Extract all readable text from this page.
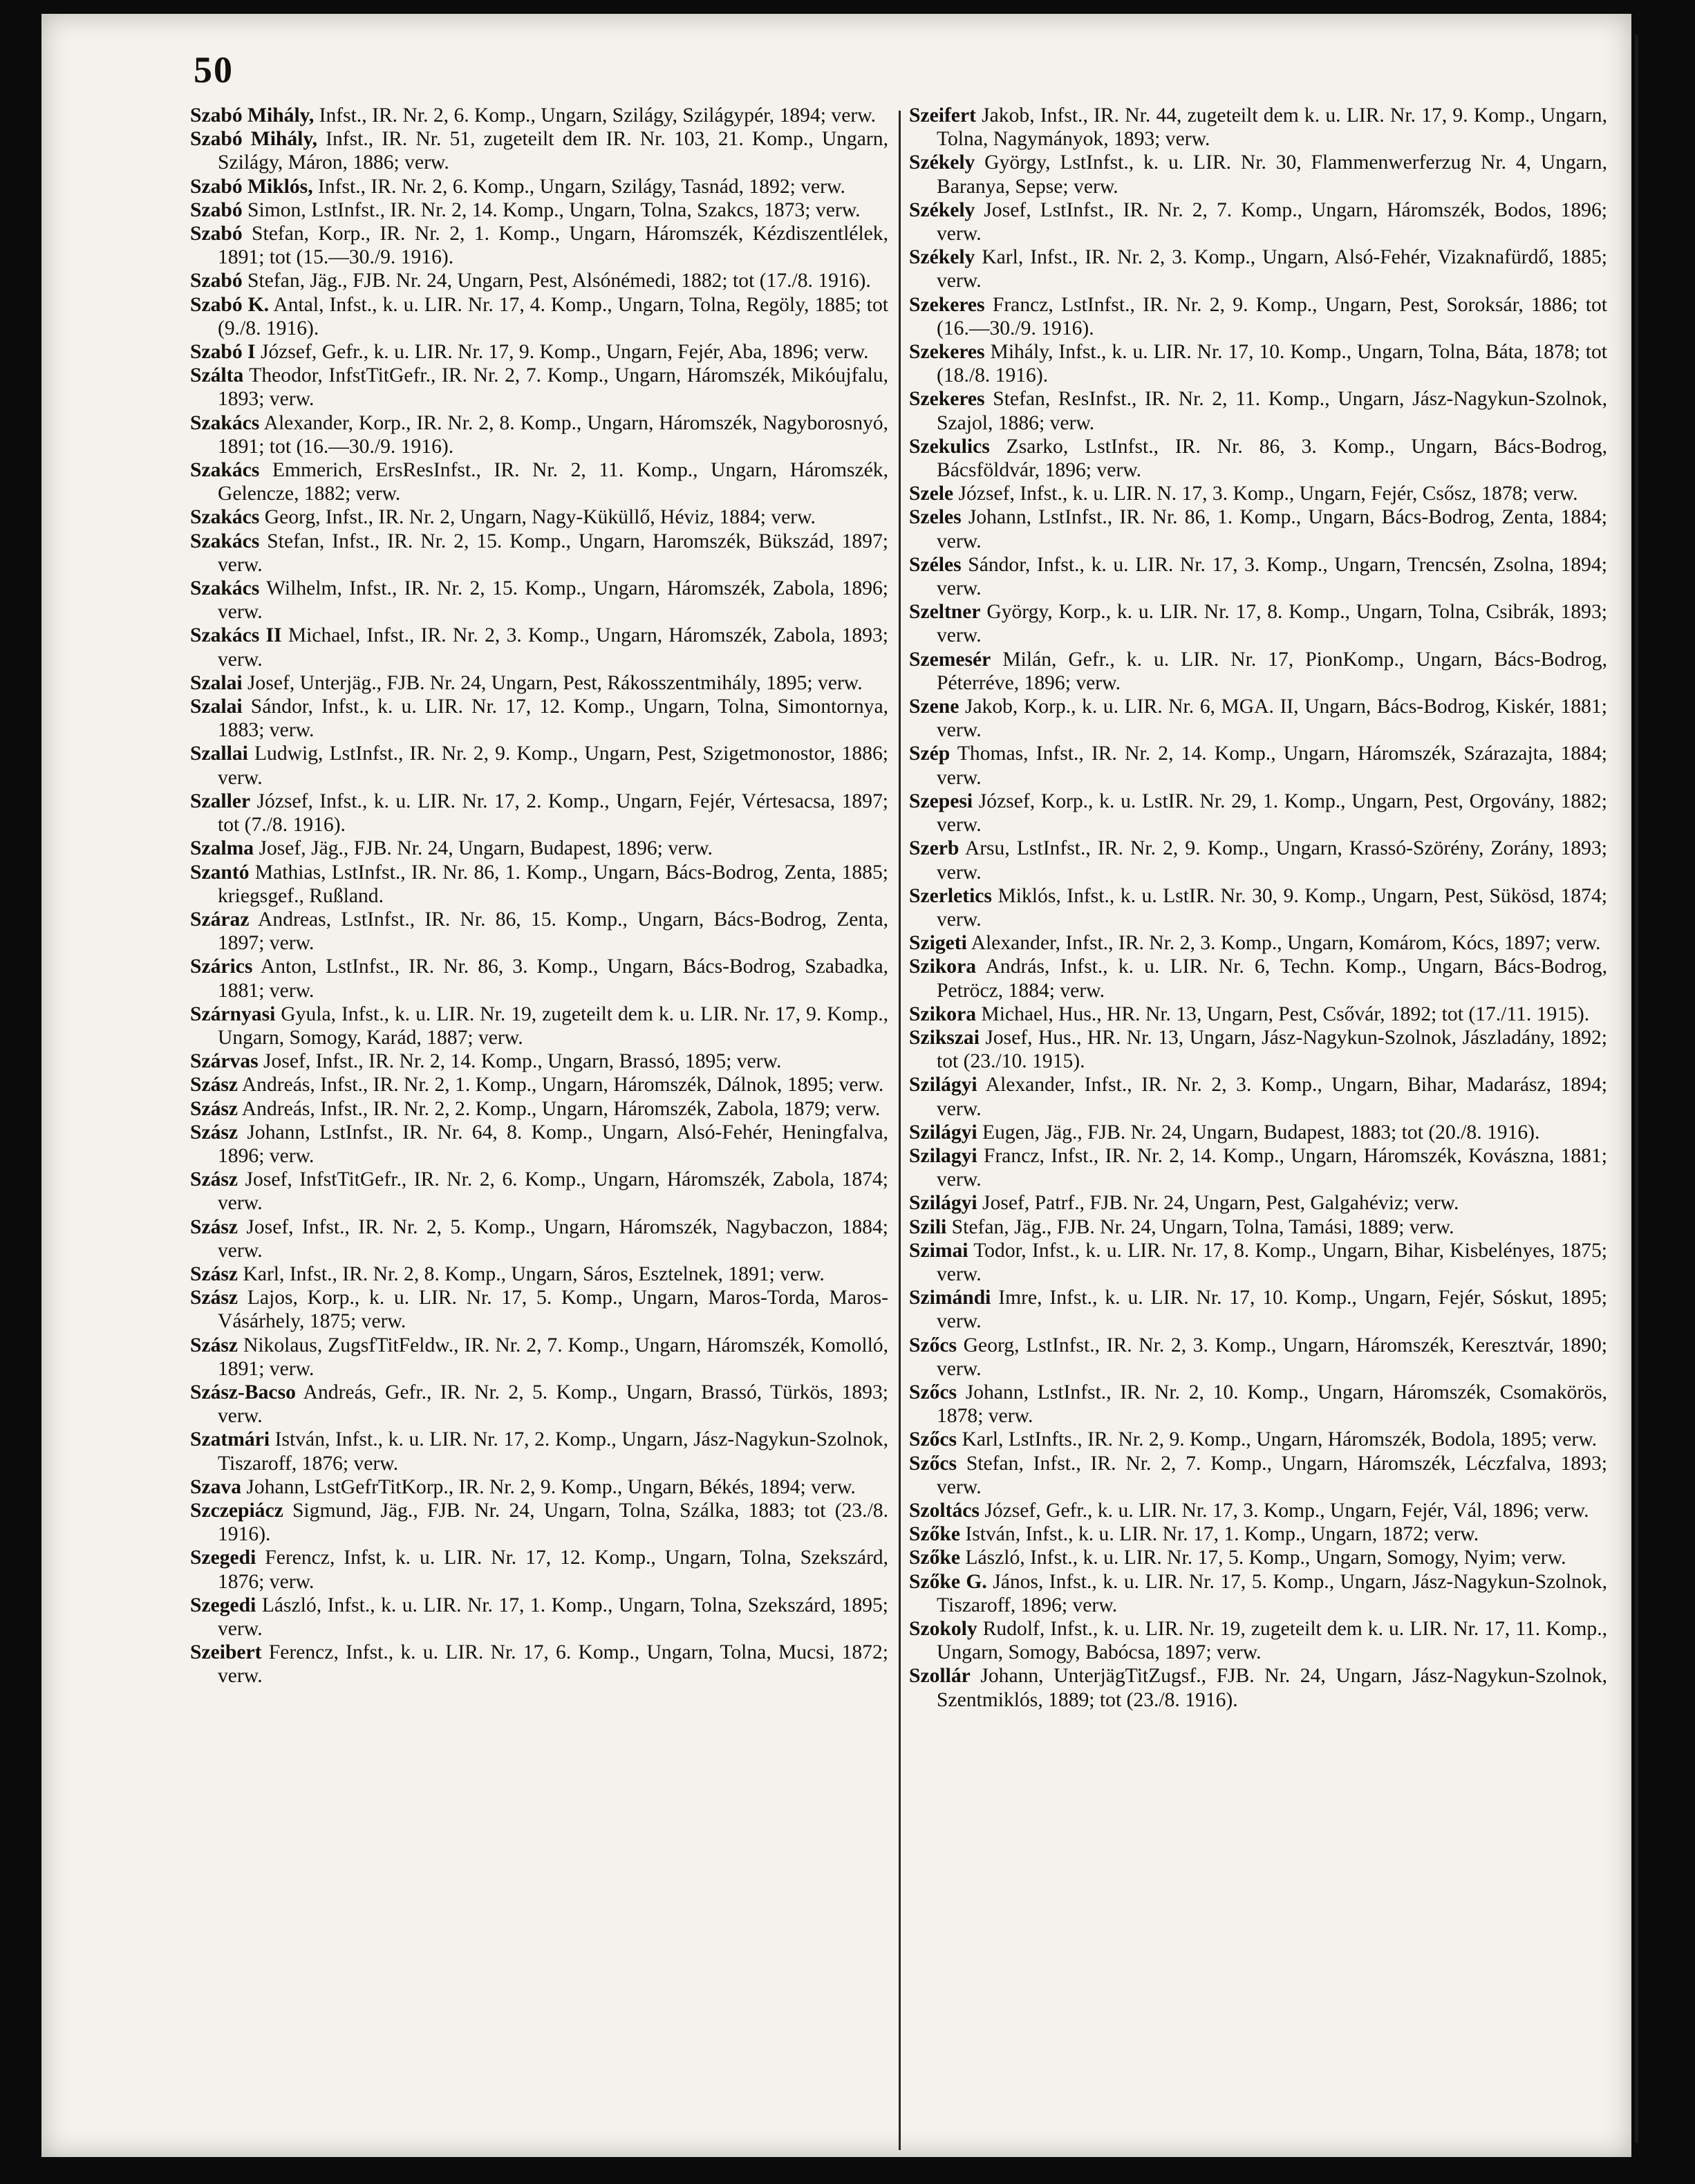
50

Szabó Mihály, Infst., IR. Nr. 2, 6. Komp., Ungarn, Szilágy, Szilágypér, 1894; verw.

Szabó Mihály, Infst., IR. Nr. 51, zugeteilt dem IR. Nr. 103, 21. Komp., Ungarn, Szilágy, Máron, 1886; verw.

Szabó Miklós, Infst., IR. Nr. 2, 6. Komp., Ungarn, Szilágy, Tasnád, 1892; verw.

Szabó Simon, LstInfst., IR. Nr. 2, 14. Komp., Ungarn, Tolna, Szakcs, 1873; verw.

Szabó Stefan, Korp., IR. Nr. 2, 1. Komp., Ungarn, Háromszék, Kézdiszentlélek, 1891; tot (15.—30./9. 1916).

Szabó Stefan, Jäg., FJB. Nr. 24, Ungarn, Pest, Alsónémedi, 1882; tot (17./8. 1916).

Szabó K. Antal, Infst., k. u. LIR. Nr. 17, 4. Komp., Ungarn, Tolna, Regöly, 1885; tot (9./8. 1916).

Szabó I József, Gefr., k. u. LIR. Nr. 17, 9. Komp., Ungarn, Fejér, Aba, 1896; verw.

Szálta Theodor, InfstTitGefr., IR. Nr. 2, 7. Komp., Ungarn, Háromszék, Mikóujfalu, 1893; verw.

Szakács Alexander, Korp., IR. Nr. 2, 8. Komp., Ungarn, Háromszék, Nagyborosnyó, 1891; tot (16.—30./9. 1916).

Szakács Emmerich, ErsResInfst., IR. Nr. 2, 11. Komp., Ungarn, Háromszék, Gelencze, 1882; verw.

Szakács Georg, Infst., IR. Nr. 2, Ungarn, Nagy-Küküllő, Héviz, 1884; verw.

Szakács Stefan, Infst., IR. Nr. 2, 15. Komp., Ungarn, Haromszék, Bükszád, 1897; verw.

Szakács Wilhelm, Infst., IR. Nr. 2, 15. Komp., Ungarn, Háromszék, Zabola, 1896; verw.

Szakács II Michael, Infst., IR. Nr. 2, 3. Komp., Ungarn, Háromszék, Zabola, 1893; verw.

Szalai Josef, Unterjäg., FJB. Nr. 24, Ungarn, Pest, Rákosszentmihály, 1895; verw.

Szalai Sándor, Infst., k. u. LIR. Nr. 17, 12. Komp., Ungarn, Tolna, Simontornya, 1883; verw.

Szallai Ludwig, LstInfst., IR. Nr. 2, 9. Komp., Ungarn, Pest, Szigetmonostor, 1886; verw.

Szaller József, Infst., k. u. LIR. Nr. 17, 2. Komp., Ungarn, Fejér, Vértesacsa, 1897; tot (7./8. 1916).

Szalma Josef, Jäg., FJB. Nr. 24, Ungarn, Budapest, 1896; verw.

Szantó Mathias, LstInfst., IR. Nr. 86, 1. Komp., Ungarn, Bács-Bodrog, Zenta, 1885; kriegsgef., Rußland.

Száraz Andreas, LstInfst., IR. Nr. 86, 15. Komp., Ungarn, Bács-Bodrog, Zenta, 1897; verw.

Szárics Anton, LstInfst., IR. Nr. 86, 3. Komp., Ungarn, Bács-Bodrog, Szabadka, 1881; verw.

Szárnyasi Gyula, Infst., k. u. LIR. Nr. 19, zugeteilt dem k. u. LIR. Nr. 17, 9. Komp., Ungarn, Somogy, Karád, 1887; verw.

Szárvas Josef, Infst., IR. Nr. 2, 14. Komp., Ungarn, Brassó, 1895; verw.

Szász Andreás, Infst., IR. Nr. 2, 1. Komp., Ungarn, Háromszék, Dálnok, 1895; verw.

Szász Andreás, Infst., IR. Nr. 2, 2. Komp., Ungarn, Háromszék, Zabola, 1879; verw.

Szász Johann, LstInfst., IR. Nr. 64, 8. Komp., Ungarn, Alsó-Fehér, Heningfalva, 1896; verw.

Szász Josef, InfstTitGefr., IR. Nr. 2, 6. Komp., Ungarn, Háromszék, Zabola, 1874; verw.

Szász Josef, Infst., IR. Nr. 2, 5. Komp., Ungarn, Háromszék, Nagybaczon, 1884; verw.

Szász Karl, Infst., IR. Nr. 2, 8. Komp., Ungarn, Sáros, Esztelnek, 1891; verw.

Szász Lajos, Korp., k. u. LIR. Nr. 17, 5. Komp., Ungarn, Maros-Torda, Maros-Vásárhely, 1875; verw.

Szász Nikolaus, ZugsfTitFeldw., IR. Nr. 2, 7. Komp., Ungarn, Háromszék, Komolló, 1891; verw.

Szász-Bacso Andreás, Gefr., IR. Nr. 2, 5. Komp., Ungarn, Brassó, Türkös, 1893; verw.

Szatmári István, Infst., k. u. LIR. Nr. 17, 2. Komp., Ungarn, Jász-Nagykun-Szolnok, Tiszaroff, 1876; verw.

Szava Johann, LstGefrTitKorp., IR. Nr. 2, 9. Komp., Ungarn, Békés, 1894; verw.

Szczepiácz Sigmund, Jäg., FJB. Nr. 24, Ungarn, Tolna, Szálka, 1883; tot (23./8. 1916).

Szegedi Ferencz, Infst, k. u. LIR. Nr. 17, 12. Komp., Ungarn, Tolna, Szekszárd, 1876; verw.

Szegedi László, Infst., k. u. LIR. Nr. 17, 1. Komp., Ungarn, Tolna, Szekszárd, 1895; verw.

Szeibert Ferencz, Infst., k. u. LIR. Nr. 17, 6. Komp., Ungarn, Tolna, Mucsi, 1872; verw.

Szeifert Jakob, Infst., IR. Nr. 44, zugeteilt dem k. u. LIR. Nr. 17, 9. Komp., Ungarn, Tolna, Nagymányok, 1893; verw.

Székely György, LstInfst., k. u. LIR. Nr. 30, Flammenwerferzug Nr. 4, Ungarn, Baranya, Sepse; verw.

Székely Josef, LstInfst., IR. Nr. 2, 7. Komp., Ungarn, Háromszék, Bodos, 1896; verw.

Székely Karl, Infst., IR. Nr. 2, 3. Komp., Ungarn, Alsó-Fehér, Vizaknafürdő, 1885; verw.

Szekeres Francz, LstInfst., IR. Nr. 2, 9. Komp., Ungarn, Pest, Soroksár, 1886; tot (16.—30./9. 1916).

Szekeres Mihály, Infst., k. u. LIR. Nr. 17, 10. Komp., Ungarn, Tolna, Báta, 1878; tot (18./8. 1916).

Szekeres Stefan, ResInfst., IR. Nr. 2, 11. Komp., Ungarn, Jász-Nagykun-Szolnok, Szajol, 1886; verw.

Szekulics Zsarko, LstInfst., IR. Nr. 86, 3. Komp., Ungarn, Bács-Bodrog, Bácsföldvár, 1896; verw.

Szele József, Infst., k. u. LIR. N. 17, 3. Komp., Ungarn, Fejér, Csősz, 1878; verw.

Szeles Johann, LstInfst., IR. Nr. 86, 1. Komp., Ungarn, Bács-Bodrog, Zenta, 1884; verw.

Széles Sándor, Infst., k. u. LIR. Nr. 17, 3. Komp., Ungarn, Trencsén, Zsolna, 1894; verw.

Szeltner György, Korp., k. u. LIR. Nr. 17, 8. Komp., Ungarn, Tolna, Csibrák, 1893; verw.

Szemesér Milán, Gefr., k. u. LIR. Nr. 17, PionKomp., Ungarn, Bács-Bodrog, Péterréve, 1896; verw.

Szene Jakob, Korp., k. u. LIR. Nr. 6, MGA. II, Ungarn, Bács-Bodrog, Kiskér, 1881; verw.

Szép Thomas, Infst., IR. Nr. 2, 14. Komp., Ungarn, Háromszék, Szárazajta, 1884; verw.

Szepesi József, Korp., k. u. LstIR. Nr. 29, 1. Komp., Ungarn, Pest, Orgovány, 1882; verw.

Szerb Arsu, LstInfst., IR. Nr. 2, 9. Komp., Ungarn, Krassó-Szörény, Zorány, 1893; verw.

Szerletics Miklós, Infst., k. u. LstIR. Nr. 30, 9. Komp., Ungarn, Pest, Sükösd, 1874; verw.

Szigeti Alexander, Infst., IR. Nr. 2, 3. Komp., Ungarn, Komárom, Kócs, 1897; verw.

Szikora András, Infst., k. u. LIR. Nr. 6, Techn. Komp., Ungarn, Bács-Bodrog, Petröcz, 1884; verw.

Szikora Michael, Hus., HR. Nr. 13, Ungarn, Pest, Csővár, 1892; tot (17./11. 1915).

Szikszai Josef, Hus., HR. Nr. 13, Ungarn, Jász-Nagykun-Szolnok, Jászladány, 1892; tot (23./10. 1915).

Szilágyi Alexander, Infst., IR. Nr. 2, 3. Komp., Ungarn, Bihar, Madarász, 1894; verw.

Szilágyi Eugen, Jäg., FJB. Nr. 24, Ungarn, Budapest, 1883; tot (20./8. 1916).

Szilagyi Francz, Infst., IR. Nr. 2, 14. Komp., Ungarn, Háromszék, Kovászna, 1881; verw.

Szilágyi Josef, Patrf., FJB. Nr. 24, Ungarn, Pest, Galgahéviz; verw.

Szili Stefan, Jäg., FJB. Nr. 24, Ungarn, Tolna, Tamási, 1889; verw.

Szimai Todor, Infst., k. u. LIR. Nr. 17, 8. Komp., Ungarn, Bihar, Kisbelényes, 1875; verw.

Szimándi Imre, Infst., k. u. LIR. Nr. 17, 10. Komp., Ungarn, Fejér, Sóskut, 1895; verw.

Szőcs Georg, LstInfst., IR. Nr. 2, 3. Komp., Ungarn, Háromszék, Keresztvár, 1890; verw.

Szőcs Johann, LstInfst., IR. Nr. 2, 10. Komp., Ungarn, Háromszék, Csomakörös, 1878; verw.

Szőcs Karl, LstInfts., IR. Nr. 2, 9. Komp., Ungarn, Háromszék, Bodola, 1895; verw.

Szőcs Stefan, Infst., IR. Nr. 2, 7. Komp., Ungarn, Háromszék, Léczfalva, 1893; verw.

Szoltács József, Gefr., k. u. LIR. Nr. 17, 3. Komp., Ungarn, Fejér, Vál, 1896; verw.

Szőke István, Infst., k. u. LIR. Nr. 17, 1. Komp., Ungarn, 1872; verw.

Szőke László, Infst., k. u. LIR. Nr. 17, 5. Komp., Ungarn, Somogy, Nyim; verw.

Szőke G. János, Infst., k. u. LIR. Nr. 17, 5. Komp., Ungarn, Jász-Nagykun-Szolnok, Tiszaroff, 1896; verw.

Szokoly Rudolf, Infst., k. u. LIR. Nr. 19, zugeteilt dem k. u. LIR. Nr. 17, 11. Komp., Ungarn, Somogy, Babócsa, 1897; verw.

Szollár Johann, UnterjägTitZugsf., FJB. Nr. 24, Ungarn, Jász-Nagykun-Szolnok, Szentmiklós, 1889; tot (23./8. 1916).
